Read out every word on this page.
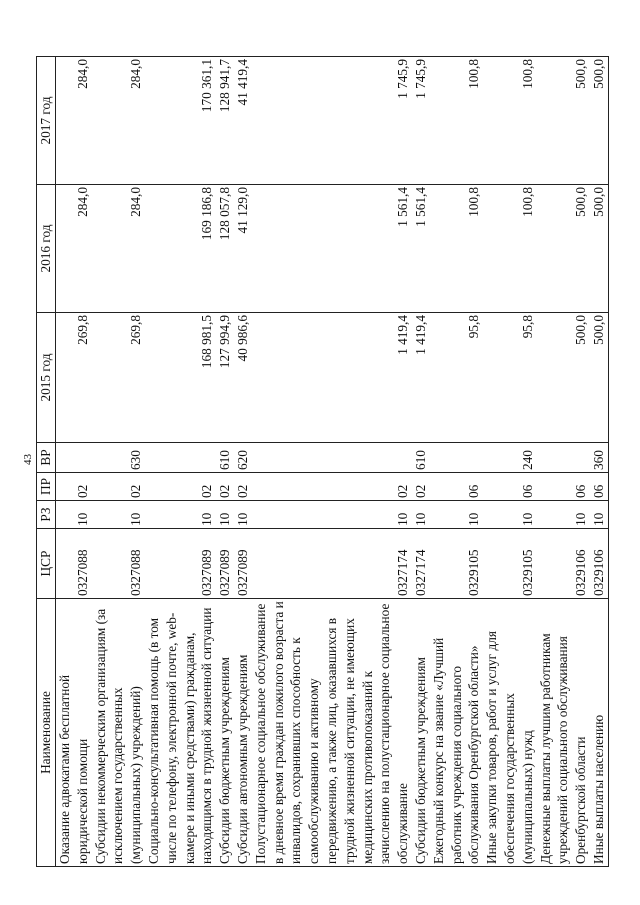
43
Наименование	ЦСР	РЗ	ПР	ВР	2015 год	2016 год	2017 год
Оказание адвокатами бесплатной юридической помощи	0327088	10	02		269,8	284,0	284,0
Субсидии некоммерческим организациям (за исключением государственных (муниципальных) учреждений)	0327088	10	02	630	269,8	284,0	284,0
Социально-консультативная помощь (в том числе по телефону, электронной почте, web-камере и иными средствами) гражданам, находящимся в трудной жизненной ситуации	0327089	10	02		168 981,5	169 186,8	170 361,1
Субсидии бюджетным учреждениям	0327089	10	02	610	127 994,9	128 057,8	128 941,7
Субсидии автономным учреждениям	0327089	10	02	620	40 986,6	41 129,0	41 419,4
Полустационарное социальное обслуживание в дневное время граждан пожилого возраста и инвалидов, сохранивших способность к самообслуживанию и активному передвижению, а также лиц, оказавшихся в трудной жизненной ситуации, не имеющих медицинских противопоказаний к зачислению на полустационарное социальное обслуживание	0327174	10	02		1 419,4	1 561,4	1 745,9
Субсидии бюджетным учреждениям	0327174	10	02	610	1 419,4	1 561,4	1 745,9
Ежегодный конкурс на звание «Лучший работник учреждения социального обслуживания Оренбургской области»	0329105	10	06		95,8	100,8	100,8
Иные закупки товаров, работ и услуг для обеспечения государственных (муниципальных) нужд	0329105	10	06	240	95,8	100,8	100,8
Денежные выплаты лучшим работникам учреждений социального обслуживания Оренбургской области	0329106	10	06		500,0	500,0	500,0
Иные выплаты населению	0329106	10	06	360	500,0	500,0	500,0
